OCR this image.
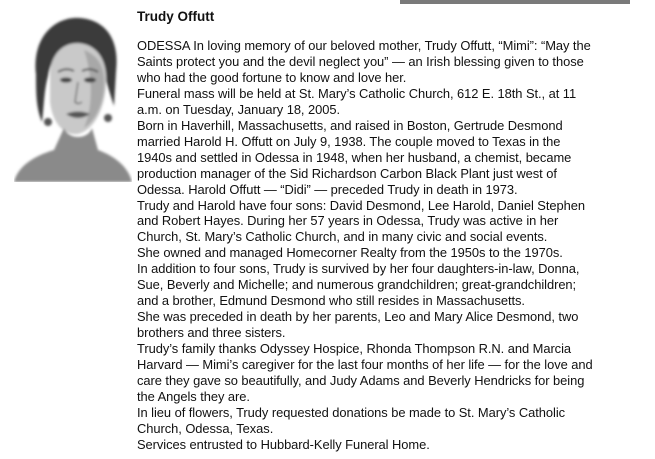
Trudy Offutt
ODESSA In loving memory of our beloved mother, Trudy Offutt, “Mimi”: “May the
Saints protect you and the devil neglect you” — an Irish blessing given to those
who had the good fortune to know and love her.
Funeral mass will be held at St. Mary’s Catholic Church, 612 E. 18th St., at 11
a.m. on Tuesday, January 18, 2005.
Born in Haverhill, Massachusetts, and raised in Boston, Gertrude Desmond
married Harold H. Offutt on July 9, 1938. The couple moved to Texas in the
1940s and settled in Odessa in 1948, when her husband, a chemist, became
production manager of the Sid Richardson Carbon Black Plant just west of
Odessa. Harold Offutt — “Didi” — preceded Trudy in death in 1973.
Trudy and Harold have four sons: David Desmond, Lee Harold, Daniel Stephen
and Robert Hayes. During her 57 years in Odessa, Trudy was active in her
Church, St. Mary’s Catholic Church, and in many civic and social events.
She owned and managed Homecorner Realty from the 1950s to the 1970s.
In addition to four sons, Trudy is survived by her four daughters-in-law, Donna,
Sue, Beverly and Michelle; and numerous grandchildren; great-grandchildren;
and a brother, Edmund Desmond who still resides in Massachusetts.
She was preceded in death by her parents, Leo and Mary Alice Desmond, two
brothers and three sisters.
Trudy’s family thanks Odyssey Hospice, Rhonda Thompson R.N. and Marcia
Harvard — Mimi’s caregiver for the last four months of her life — for the love and
care they gave so beautifully, and Judy Adams and Beverly Hendricks for being
the Angels they are.
In lieu of flowers, Trudy requested donations be made to St. Mary’s Catholic
Church, Odessa, Texas.
Services entrusted to Hubbard-Kelly Funeral Home.
